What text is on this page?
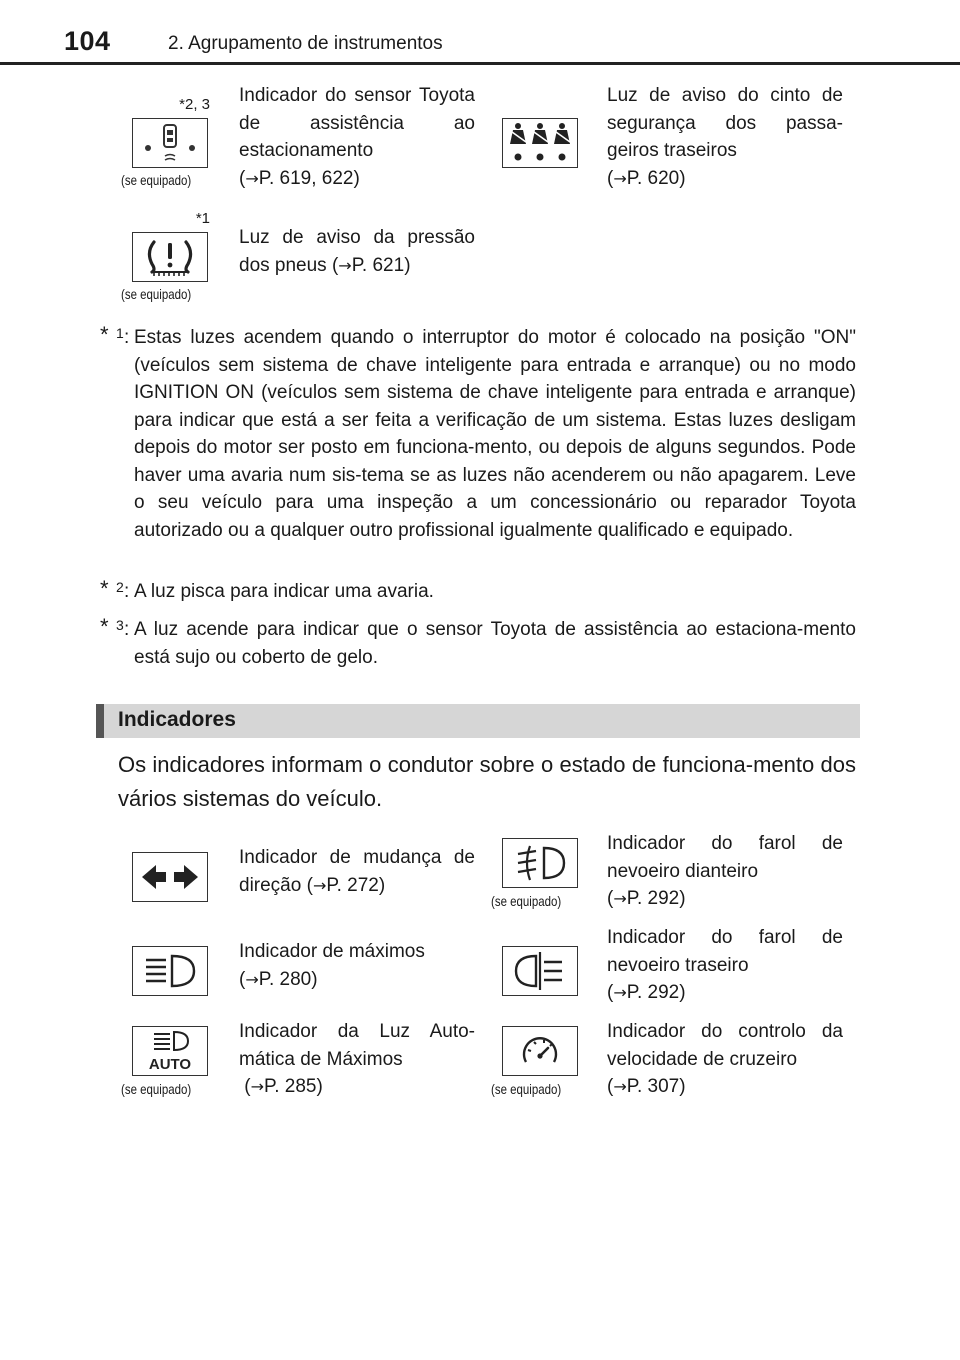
104	2. Agrupamento de instrumentos
*2, 3
(se equipado)
Indicador do sensor Toyota de assistência ao estacionamento
(→P. 619, 622)
Luz de aviso do cinto de segurança dos passa-geiros traseiros
(→P. 620)
*1
(se equipado)
Luz de aviso da pressão dos pneus (→P. 621)
* 1 : Estas luzes acendem quando o interruptor do motor é colocado na posição "ON" (veículos sem sistema de chave inteligente para entrada e arranque) ou no modo IGNITION ON (veículos sem sistema de chave inteligente para entrada e arranque) para indicar que está a ser feita a verificação de um sistema. Estas luzes desligam depois do motor ser posto em funciona-mento, ou depois de alguns segundos. Pode haver uma avaria num sis-tema se as luzes não acenderem ou não apagarem. Leve o seu veículo para uma inspeção a um concessionário ou reparador Toyota autorizado ou a qualquer outro profissional igualmente qualificado e equipado.
* 2 : A luz pisca para indicar uma avaria.
* 3 : A luz acende para indicar que o sensor Toyota de assistência ao estaciona-mento está sujo ou coberto de gelo.
Indicadores
Os indicadores informam o condutor sobre o estado de funciona-mento dos vários sistemas do veículo.
Indicador de mudança de direção (→P. 272)
(se equipado)
Indicador do farol de nevoeiro dianteiro
(→P. 292)
Indicador de máximos
(→P. 280)
Indicador do farol de nevoeiro traseiro
(→P. 292)
AUTO
(se equipado)
Indicador da Luz Auto-mática de Máximos
(→P. 285)	(se equipado)
Indicador do controlo da velocidade de cruzeiro
(→P. 307)
